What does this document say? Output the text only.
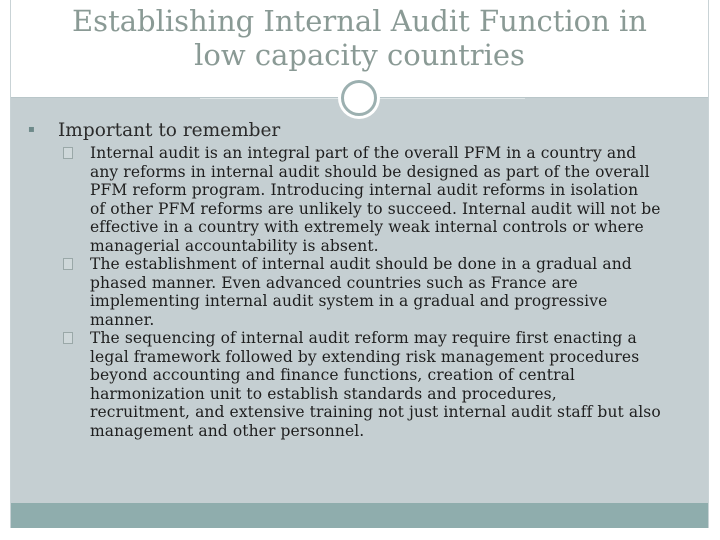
Establishing Internal Audit Function in
low capacity countries
▪ Important to remember

Internal audit is an integral part of the overall PFM in a country and
any reforms in internal audit should be designed as part of the overall
PFM reform program. Introducing internal audit reforms in isolation
of other PFM reforms are unlikely to succeed. Internal audit will not be
effective in a country with extremely weak internal controls or where
managerial accountability is absent.
The establishment of internal audit should be done in a gradual and
phased manner. Even advanced countries such as France are
implementing internal audit system in a gradual and progressive
manner.
The sequencing of internal audit reform may require first enacting a
legal framework followed by extending risk management procedures
beyond accounting and finance functions, creation of central
harmonization unit to establish standards and procedures,
recruitment, and extensive training not just internal audit staff but also
management and other personnel.
